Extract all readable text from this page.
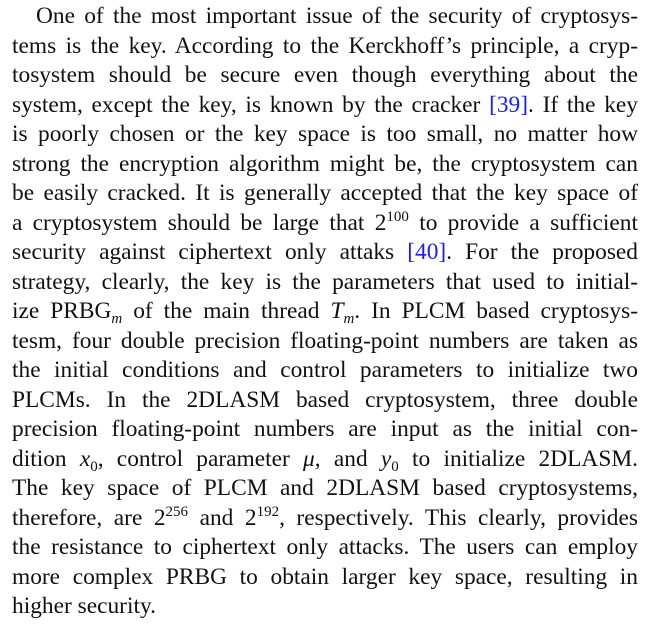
One of the most important issue of the security of cryptosys-
tems is the key. According to the Kerckhoff’s principle, a cryp-
tosystem should be secure even though everything about the
system, except the key, is known by the cracker [39]. If the key
is poorly chosen or the key space is too small, no matter how
strong the encryption algorithm might be, the cryptosystem can
be easily cracked. It is generally accepted that the key space of
a cryptosystem should be large that $2^{100}$ to provide a sufficient
security against ciphertext only attaks [40]. For the proposed
strategy, clearly, the key is the parameters that used to initial-
ize $PRBG_m$ of the main thread $T_m$. In PLCM based cryptosys-
tesm, four double precision floating-point numbers are taken as
the initial conditions and control parameters to initialize two
PLCMs. In the 2DLASM based cryptosystem, three double
precision floating-point numbers are input as the initial con-
dition $x_0$, control parameter μ, and $y_0$ to initialize 2DLASM.
The key space of PLCM and 2DLASM based cryptosystems,
therefore, are $2^{256}$ and $2^{192}$, respectively. This clearly, provides
the resistance to ciphertext only attacks. The users can employ
more complex PRBG to obtain larger key space, resulting in
higher security.
